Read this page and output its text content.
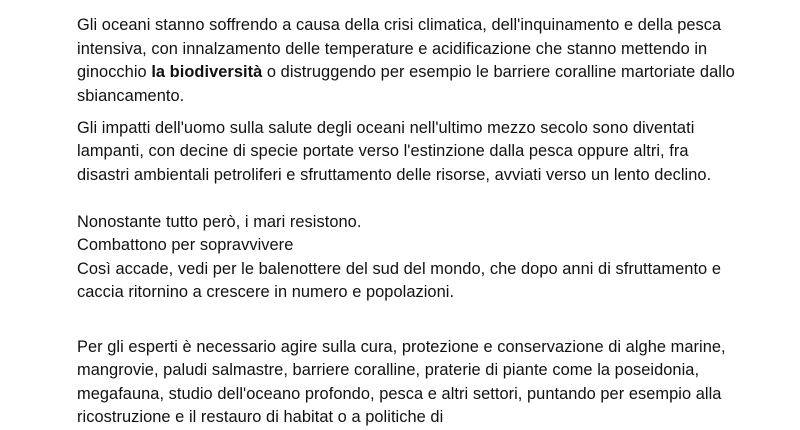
Gli oceani stanno soffrendo a causa della crisi climatica, dell'inquinamento e della pesca intensiva, con innalzamento delle temperature e acidificazione che stanno mettendo in ginocchio la biodiversità o distruggendo per esempio le barriere coralline martoriate dallo sbiancamento.

Gli impatti dell'uomo sulla salute degli oceani nell'ultimo mezzo secolo sono diventati lampanti, con decine di specie portate verso l'estinzione dalla pesca oppure altri, fra disastri ambientali petroliferi e sfruttamento delle risorse, avviati verso un lento declino.

Nonostante tutto però, i mari resistono.
Combattono per sopravvivere
Così accade, vedi per le balenottere del sud del mondo, che dopo anni di sfruttamento e caccia ritornino a crescere in numero e popolazioni.

Per gli esperti è necessario agire sulla cura, protezione e conservazione di alghe marine, mangrovie, paludi salmastre, barriere coralline, praterie di piante come la poseidonia, megafauna, studio dell'oceano profondo, pesca e altri settori, puntando per esempio alla ricostruzione e il restauro di habitat o a politiche di
